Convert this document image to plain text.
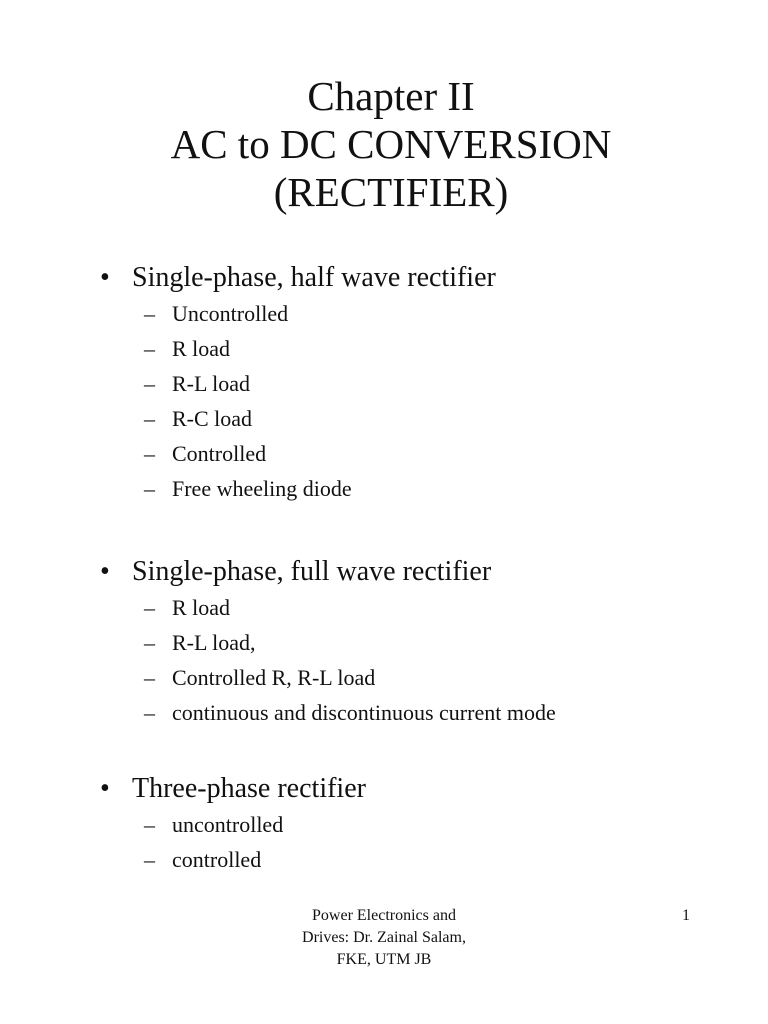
Chapter II
AC to DC CONVERSION
(RECTIFIER)
• Single-phase, half wave rectifier
– Uncontrolled
– R load
– R-L load
– R-C load
– Controlled
– Free wheeling diode
• Single-phase, full wave rectifier
– R load
– R-L load,
– Controlled R, R-L load
– continuous and discontinuous current mode
• Three-phase rectifier
– uncontrolled
– controlled
Power Electronics and
Drives: Dr. Zainal Salam,
FKE, UTM JB
1
